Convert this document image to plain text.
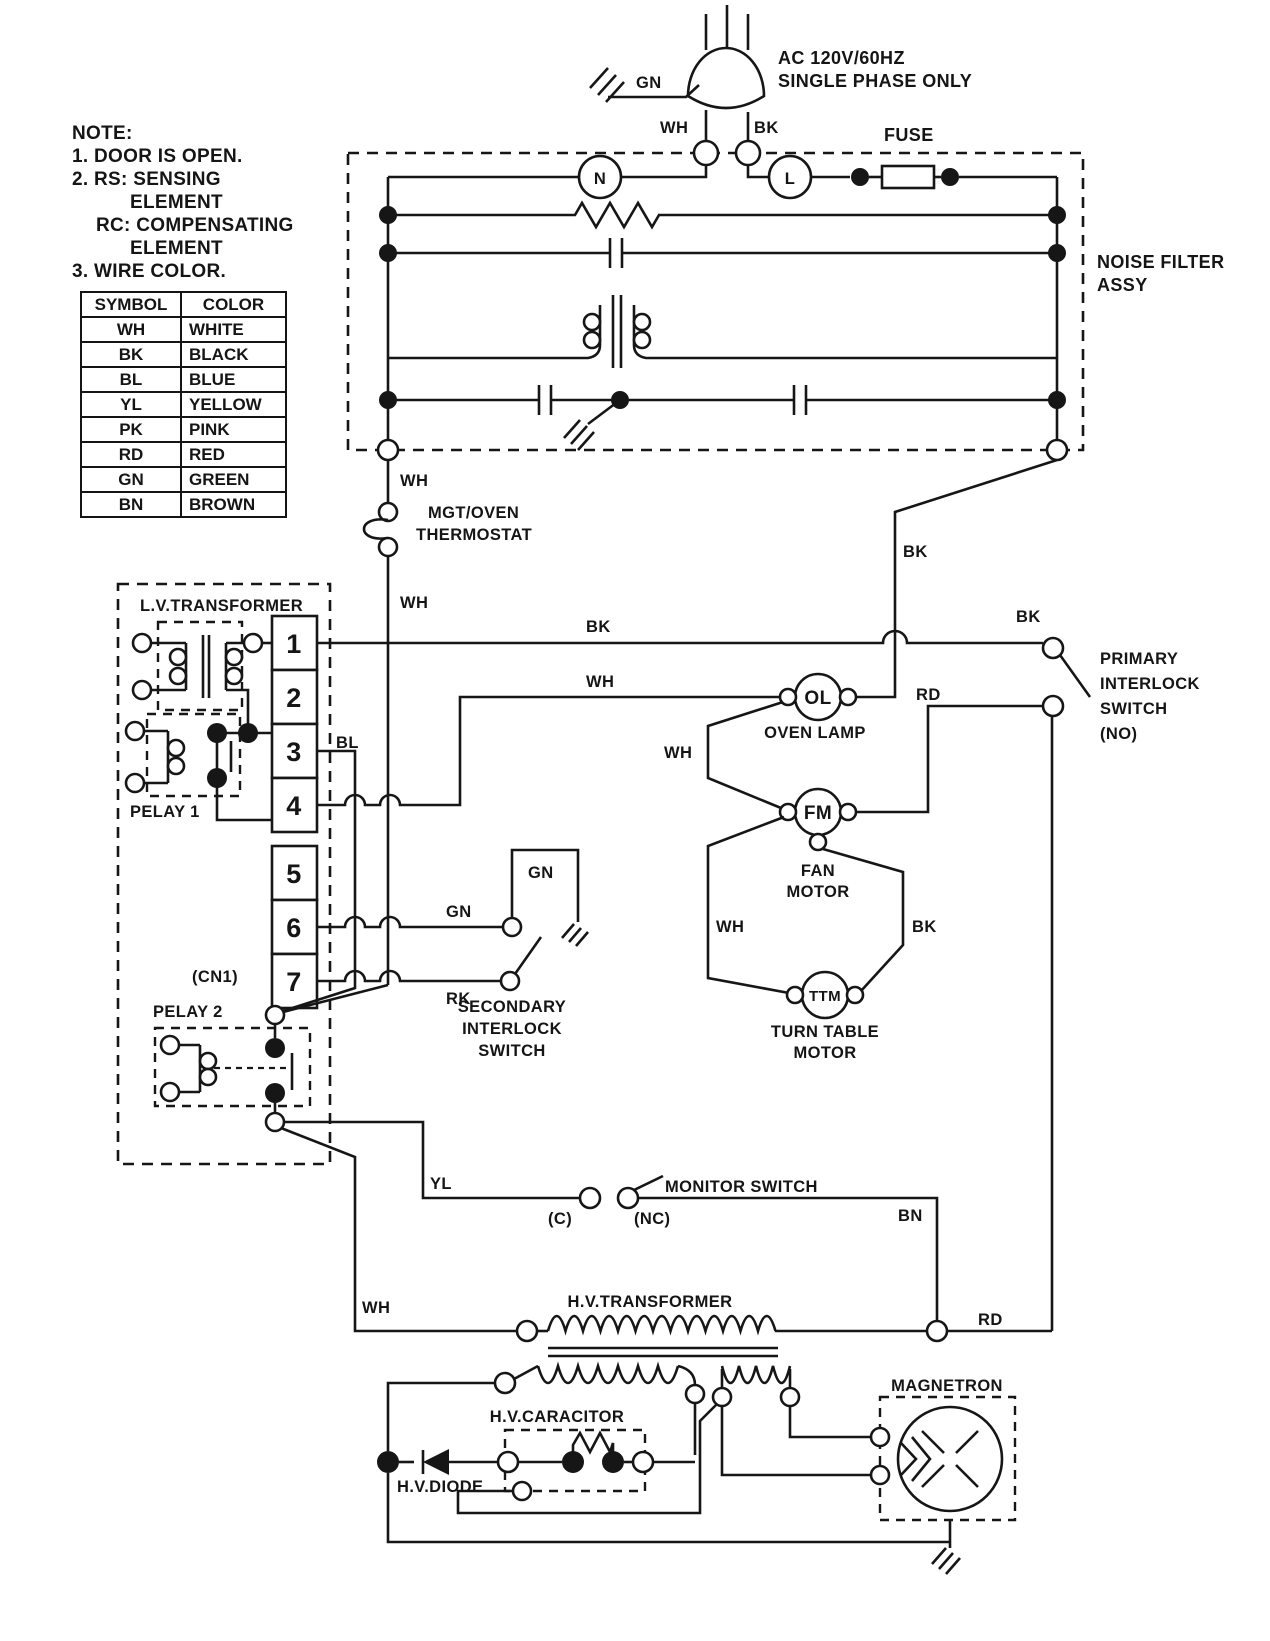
NOTE:
1. DOOR IS OPEN.
2. RS: SENSING
ELEMENT
RC: COMPENSATING
ELEMENT
3. WIRE COLOR.
SYMBOL	COLOR
WH	WHITE
BK	BLACK
BL	BLUE
YL	YELLOW
PK	PINK
RD	RED
GN	GREEN
BN	BROWN
GN
AC 120V/60HZ
SINGLE PHASE ONLY
WH	BK
NOISE FILTER
ASSY
N	L
FUSE
WH
MGT/OVEN
THERMOSTAT
WH
L.V.TRANSFORMER
PELAY 1
1
2
3
4
5
6
7
(CN1)
BL
BK
WH
GN
RK
GN
SECONDARY
INTERLOCK
SWITCH
PELAY 2
YL
WH
(C)	(NC)
MONITOR SWITCH
BN
BK
BK
PRIMARY
INTERLOCK
SWITCH
(NO)
OL
OVEN LAMP
WH
FM
FAN
MOTOR
RD
WH	BK
TTM
TURN TABLE
MOTOR
H.V.TRANSFORMER
RD
H.V.CARACITOR
H.V.DIODE
MAGNETRON
